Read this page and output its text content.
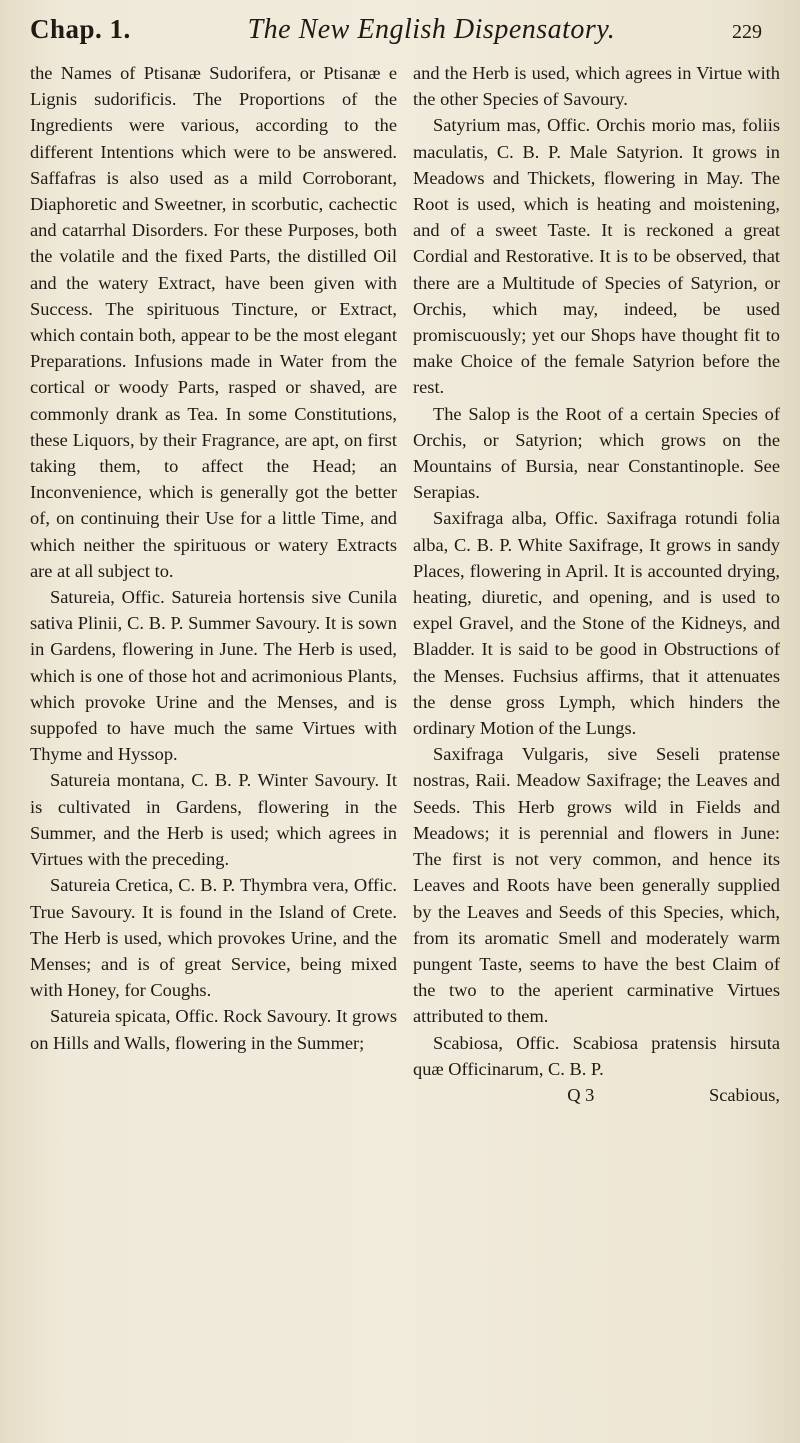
Chap. 1.	The New English Dispensatory.	229

the Names of Ptisanæ Sudorifera, or Ptisanæ e Lignis sudorificis. The Proportions of the Ingredients were various, according to the different Intentions which were to be answered. Saffafras is also used as a mild Corroborant, Diaphoretic and Sweetner, in scorbutic, cachectic and catarrhal Disorders. For these Purposes, both the volatile and the fixed Parts, the distilled Oil and the watery Extract, have been given with Success. The spirituous Tincture, or Extract, which contain both, appear to be the most elegant Preparations. Infusions made in Water from the cortical or woody Parts, rasped or shaved, are commonly drank as Tea. In some Constitutions, these Liquors, by their Fragrance, are apt, on first taking them, to affect the Head; an Inconvenience, which is generally got the better of, on continuing their Use for a little Time, and which neither the spirituous or watery Extracts are at all subject to.

Satureia, Offic. Satureia hortensis sive Cunila sativa Plinii, C. B. P. Summer Savoury. It is sown in Gardens, flowering in June. The Herb is used, which is one of those hot and acrimonious Plants, which provoke Urine and the Menses, and is suppofed to have much the same Virtues with Thyme and Hyssop.

Satureia montana, C. B. P. Winter Savoury. It is cultivated in Gardens, flowering in the Summer, and the Herb is used; which agrees in Virtues with the preceding.

Satureia Cretica, C. B. P. Thymbra vera, Offic. True Savoury. It is found in the Island of Crete. The Herb is used, which provokes Urine, and the Menses; and is of great Service, being mixed with Honey, for Coughs.

Satureia spicata, Offic. Rock Savoury. It grows on Hills and Walls, flowering in the Summer;

and the Herb is used, which agrees in Virtue with the other Species of Savoury.

Satyrium mas, Offic. Orchis morio mas, foliis maculatis, C. B. P. Male Satyrion. It grows in Meadows and Thickets, flowering in May. The Root is used, which is heating and moistening, and of a sweet Taste. It is reckoned a great Cordial and Restorative. It is to be observed, that there are a Multitude of Species of Satyrion, or Orchis, which may, indeed, be used promiscuously; yet our Shops have thought fit to make Choice of the female Satyrion before the rest.

The Salop is the Root of a certain Species of Orchis, or Satyrion; which grows on the Mountains of Bursia, near Constantinople. See Serapias.

Saxifraga alba, Offic. Saxifraga rotundi folia alba, C. B. P. White Saxifrage, It grows in sandy Places, flowering in April. It is accounted drying, heating, diuretic, and opening, and is used to expel Gravel, and the Stone of the Kidneys, and Bladder. It is said to be good in Obstructions of the Menses. Fuchsius affirms, that it attenuates the dense gross Lymph, which hinders the ordinary Motion of the Lungs.

Saxifraga Vulgaris, sive Seseli pratense nostras, Raii. Meadow Saxifrage; the Leaves and Seeds. This Herb grows wild in Fields and Meadows; it is perennial and flowers in June: The first is not very common, and hence its Leaves and Roots have been generally supplied by the Leaves and Seeds of this Species, which, from its aromatic Smell and moderately warm pungent Taste, seems to have the best Claim of the two to the aperient carminative Virtues attributed to them.

Scabiosa, Offic. Scabiosa pratensis hirsuta quæ Officinarum, C. B. P.

Q 3	Scabious,
